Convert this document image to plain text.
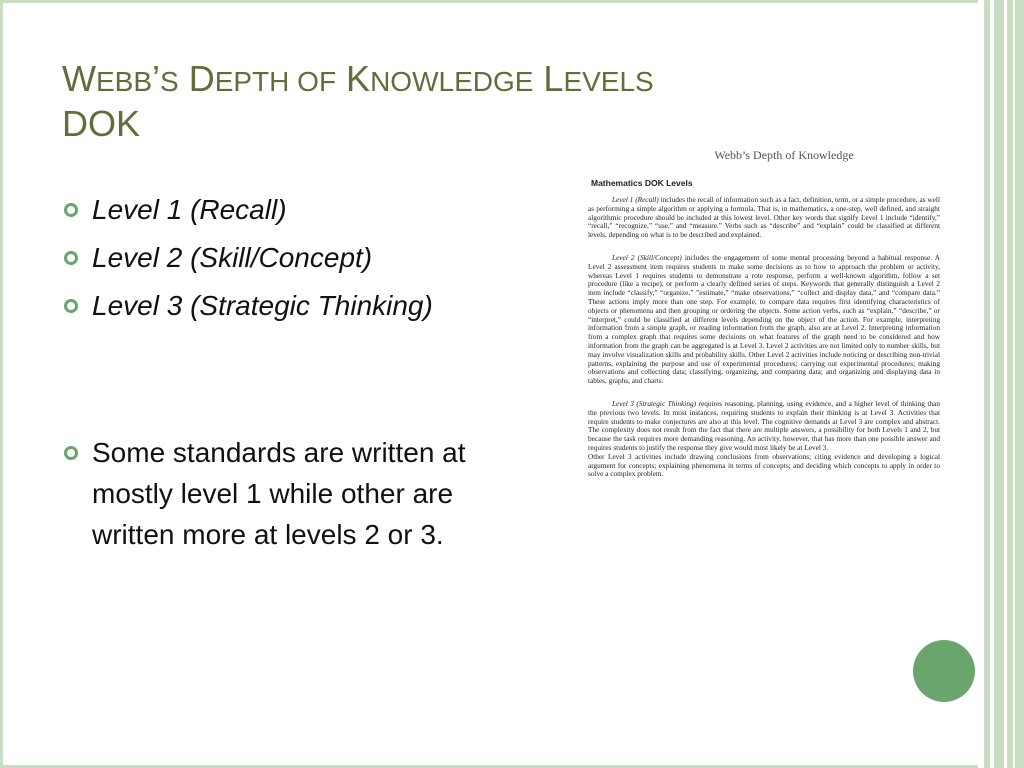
WEBB’S DEPTH OF KNOWLEDGE LEVELS
DOK
Level 1 (Recall)
Level 2 (Skill/Concept)
Level 3 (Strategic Thinking)
Some standards are written at mostly level 1 while other are written more at levels 2 or 3.
Webb’s Depth of Knowledge
Mathematics DOK Levels

Level 1 (Recall) includes the recall of information such as a fact, definition, term, or a simple procedure, as well as performing a simple algorithm or applying a formula. That is, in mathematics, a one-step, well defined, and straight algorithmic procedure should be included at this lowest level. Other key words that signify Level 1 include “identify,” “recall,” “recognize,” “use,” and “measure.” Verbs such as “describe” and “explain” could be classified at different levels, depending on what is to be described and explained.

Level 2 (Skill/Concept) includes the engagement of some mental processing beyond a habitual response. A Level 2 assessment item requires students to make some decisions as to how to approach the problem or activity, whereas Level 1 requires students to demonstrate a rote response, perform a well-known algorithm, follow a set procedure (like a recipe), or perform a clearly defined series of steps. Keywords that generally distinguish a Level 2 item include “classify,” “organize,” ”estimate,” “make observations,” “collect and display data,” and “compare data.” These actions imply more than one step. For example, to compare data requires first identifying characteristics of objects or phenomena and then grouping or ordering the objects. Some action verbs, such as “explain,” “describe,” or “interpret,” could be classified at different levels depending on the object of the action. For example, interpreting information from a simple graph, or reading information from the graph, also are at Level 2. Interpreting information from a complex graph that requires some decisions on what features of the graph need to be considered and how information from the graph can be aggregated is at Level 3. Level 2 activities are not limited only to number skills, but may involve visualization skills and probability skills. Other Level 2 activities include noticing or describing non-trivial patterns, explaining the purpose and use of experimental procedures; carrying out experimental procedures; making observations and collecting data; classifying, organizing, and comparing data; and organizing and displaying data in tables, graphs, and charts.

Level 3 (Strategic Thinking) requires reasoning, planning, using evidence, and a higher level of thinking than the previous two levels. In most instances, requiring students to explain their thinking is at Level 3. Activities that require students to make conjectures are also at this level. The cognitive demands at Level 3 are complex and abstract. The complexity does not result from the fact that there are multiple answers, a possibility for both Levels 1 and 2, but because the task requires more demanding reasoning. An activity, however, that has more than one possible answer and requires students to justify the response they give would most likely be at Level 3.

Other Level 3 activities include drawing conclusions from observations; citing evidence and developing a logical argument for concepts; explaining phenomena in terms of concepts; and deciding which concepts to apply in order to solve a complex problem.
